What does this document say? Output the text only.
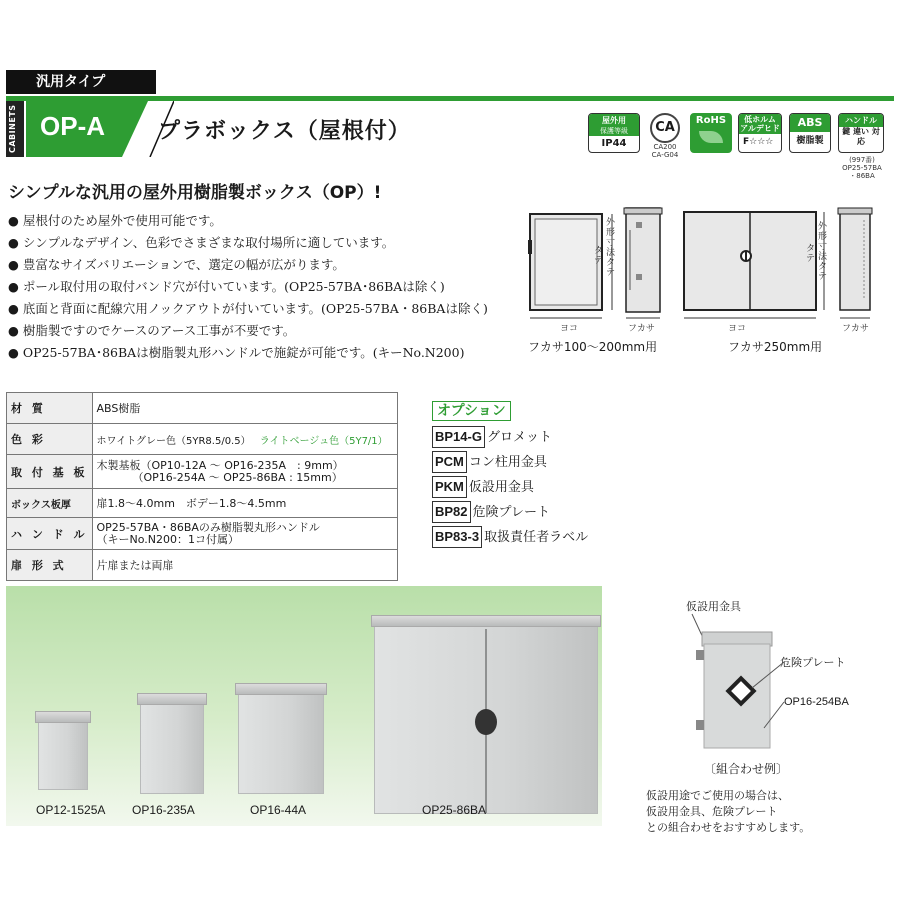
汎用タイプ
CABINETS OP-A プラボックス（屋根付）	屋外用
保護等級
IP44
CA
CA200
CA-G04
RoHS	低ホルム アルデヒド
F☆☆☆
ABS
樹脂製
ハンドル
鍵 違い 対応
(997番)
OP25-57BA
・86BA
シンプルな汎用の屋外用樹脂製ボックス（OP）!
● 屋根付のため屋外で使用可能です。
● シンプルなデザイン、色彩でさまざまな取付場所に適しています。
● 豊富なサイズバリエーションで、選定の幅が広がります。
● ポール取付用の取付バンド穴が付いています。(OP25-57BA･86BAは除く)
● 底面と背面に配線穴用ノックアウトが付いています。(OP25-57BA・86BAは除く)
● 樹脂製ですのでケースのアース工事が不要です。
● OP25-57BA･86BAは樹脂製丸形ハンドルで施錠が可能です。(キーNo.N200)
外形寸法タテ
タテ
ヨコ	フカサ
外形寸法タテ
タテ
ヨコ	フカサ
フカサ100〜200mm用	フカサ250mm用
材 質	ABS樹脂
色 彩	ホワイトグレー色（5YR8.5/0.5） ライトベージュ色（5Y7/1）
取 付 基 板	木製基板（OP10-12A 〜 OP16-235A　: 9mm）
（OP16-254A 〜 OP25-86BA : 15mm）

ボックス板厚	扉1.8〜4.0mm　ボデー1.8〜4.5mm
ハ ン ド ル	OP25-57BA・86BAのみ樹脂製丸形ハンドル
（キーNo.N200：1コ付属）

扉 形 式	片扉または両扉
オプション
BP14-G グロメット
PCM コン柱用金具
PKM 仮設用金具
BP82 危険プレート
BP83-3 取扱責任者ラベル
OP12-1525A OP16-235A	OP16-44A	OP25-86BA
仮設用金具
危険プレート
OP16-254BA
〔組合わせ例〕
仮設用途でご使用の場合は、
仮設用金具、危険プレート
との組合わせをおすすめします。
